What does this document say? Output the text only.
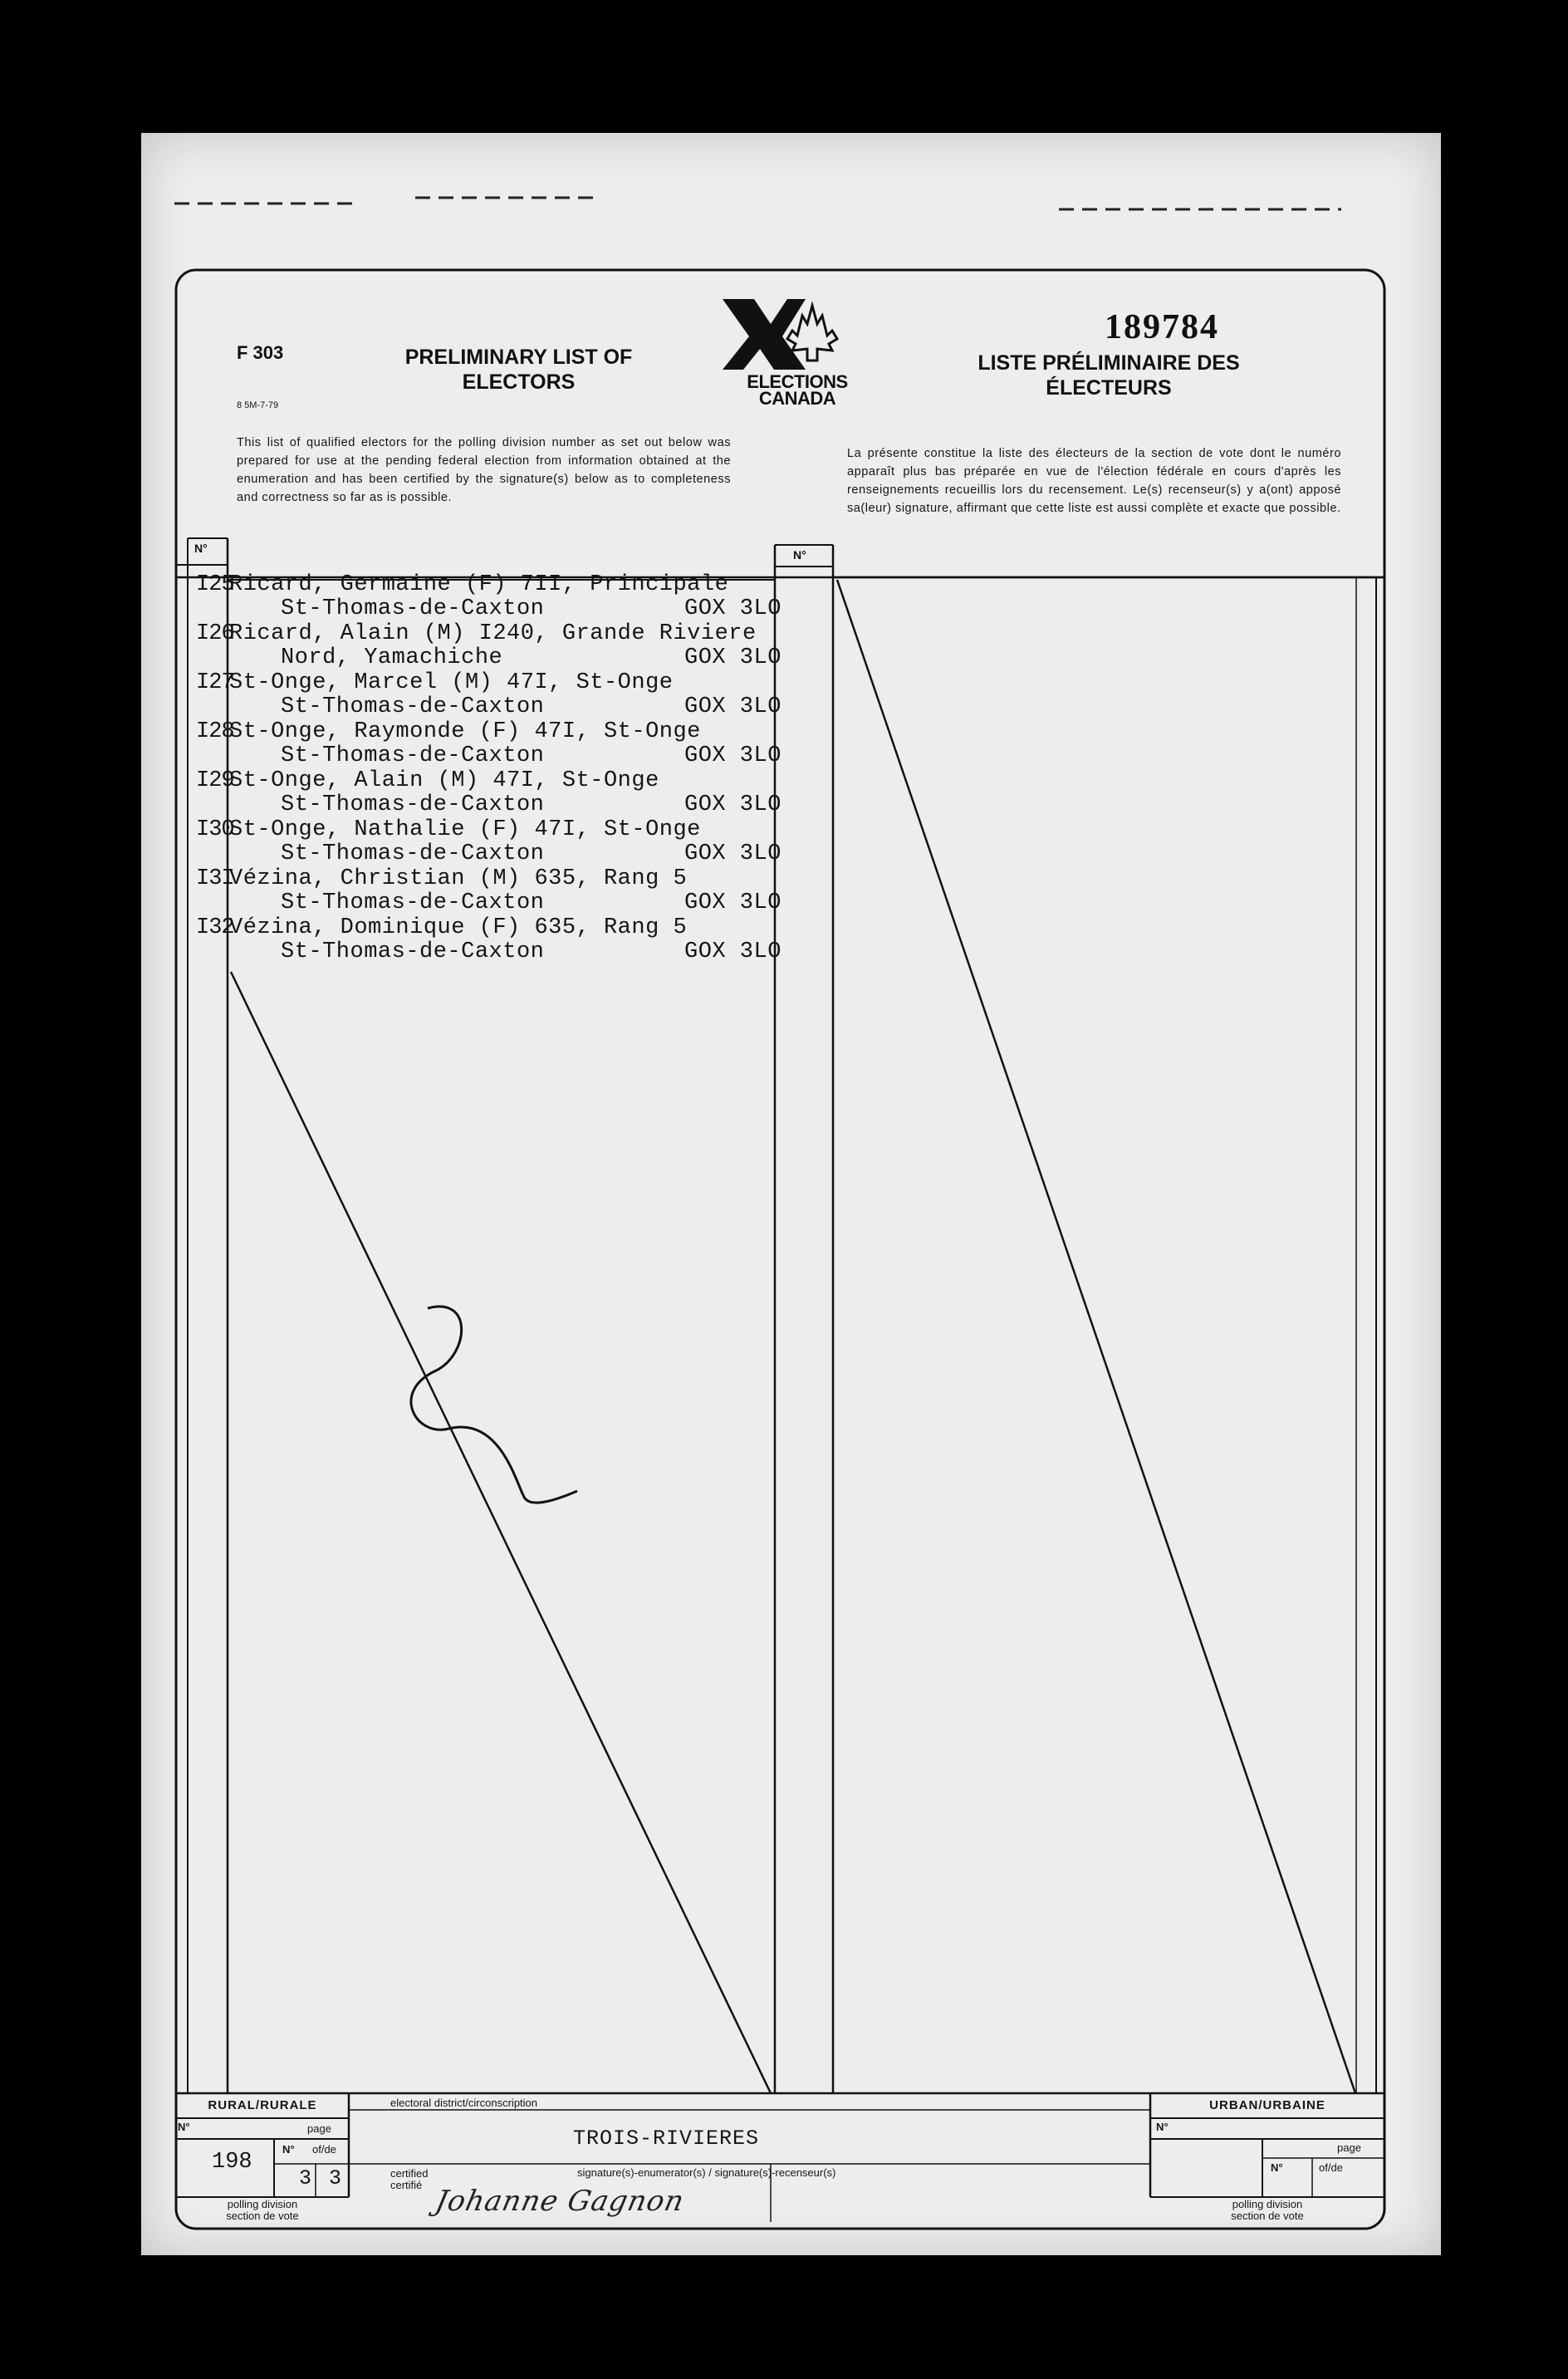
F 303
8 5M-7-79
PRELIMINARY LIST OF
ELECTORS	ELECTIONS
CANADA
189784
LISTE PRÉLIMINAIRE DES
ÉLECTEURS
This list of qualified electors for the polling division number as set out below was prepared for use at the pending federal election from information obtained at the enumeration and has been certified by the signature(s) below as to completeness and correctness so far as is possible.
La présente constitue la liste des électeurs de la section de vote dont le numéro apparaît plus bas préparée en vue de l'élection fédérale en cours d'après les renseignements recueillis lors du recensement. Le(s) recenseur(s) y a(ont) apposé sa(leur) signature, affirmant que cette liste est aussi complète et exacte que possible.
N°	N°
I25
Ricard, Germaine (F) 7II, Principale
St-Thomas-de-Caxton	GOX 3LO
I26
Ricard, Alain (M) I240, Grande Riviere
Nord, Yamachiche	GOX 3LO
I27
St-Onge, Marcel (M) 47I, St-Onge
St-Thomas-de-Caxton	GOX 3LO
I28
St-Onge, Raymonde (F) 47I, St-Onge
St-Thomas-de-Caxton	GOX 3LO
I29
St-Onge, Alain (M) 47I, St-Onge
St-Thomas-de-Caxton	GOX 3LO
I30
St-Onge, Nathalie (F) 47I, St-Onge
St-Thomas-de-Caxton	GOX 3LO
I3I
Vézina, Christian (M) 635, Rang 5
St-Thomas-de-Caxton	GOX 3LO
I32
Vézina, Dominique (F) 635, Rang 5
St-Thomas-de-Caxton	GOX 3LO
RURAL/RURALE
N°	page
198
N° of/de
3 3
polling division
section de vote
electoral district/circonscription
TROIS-RIVIERES
certified
certifié
signature(s)-enumerator(s) / signature(s)-recenseur(s)
Johanne Gagnon
URBAN/URBAINE
N°
page
N°	of/de
polling division
section de vote
